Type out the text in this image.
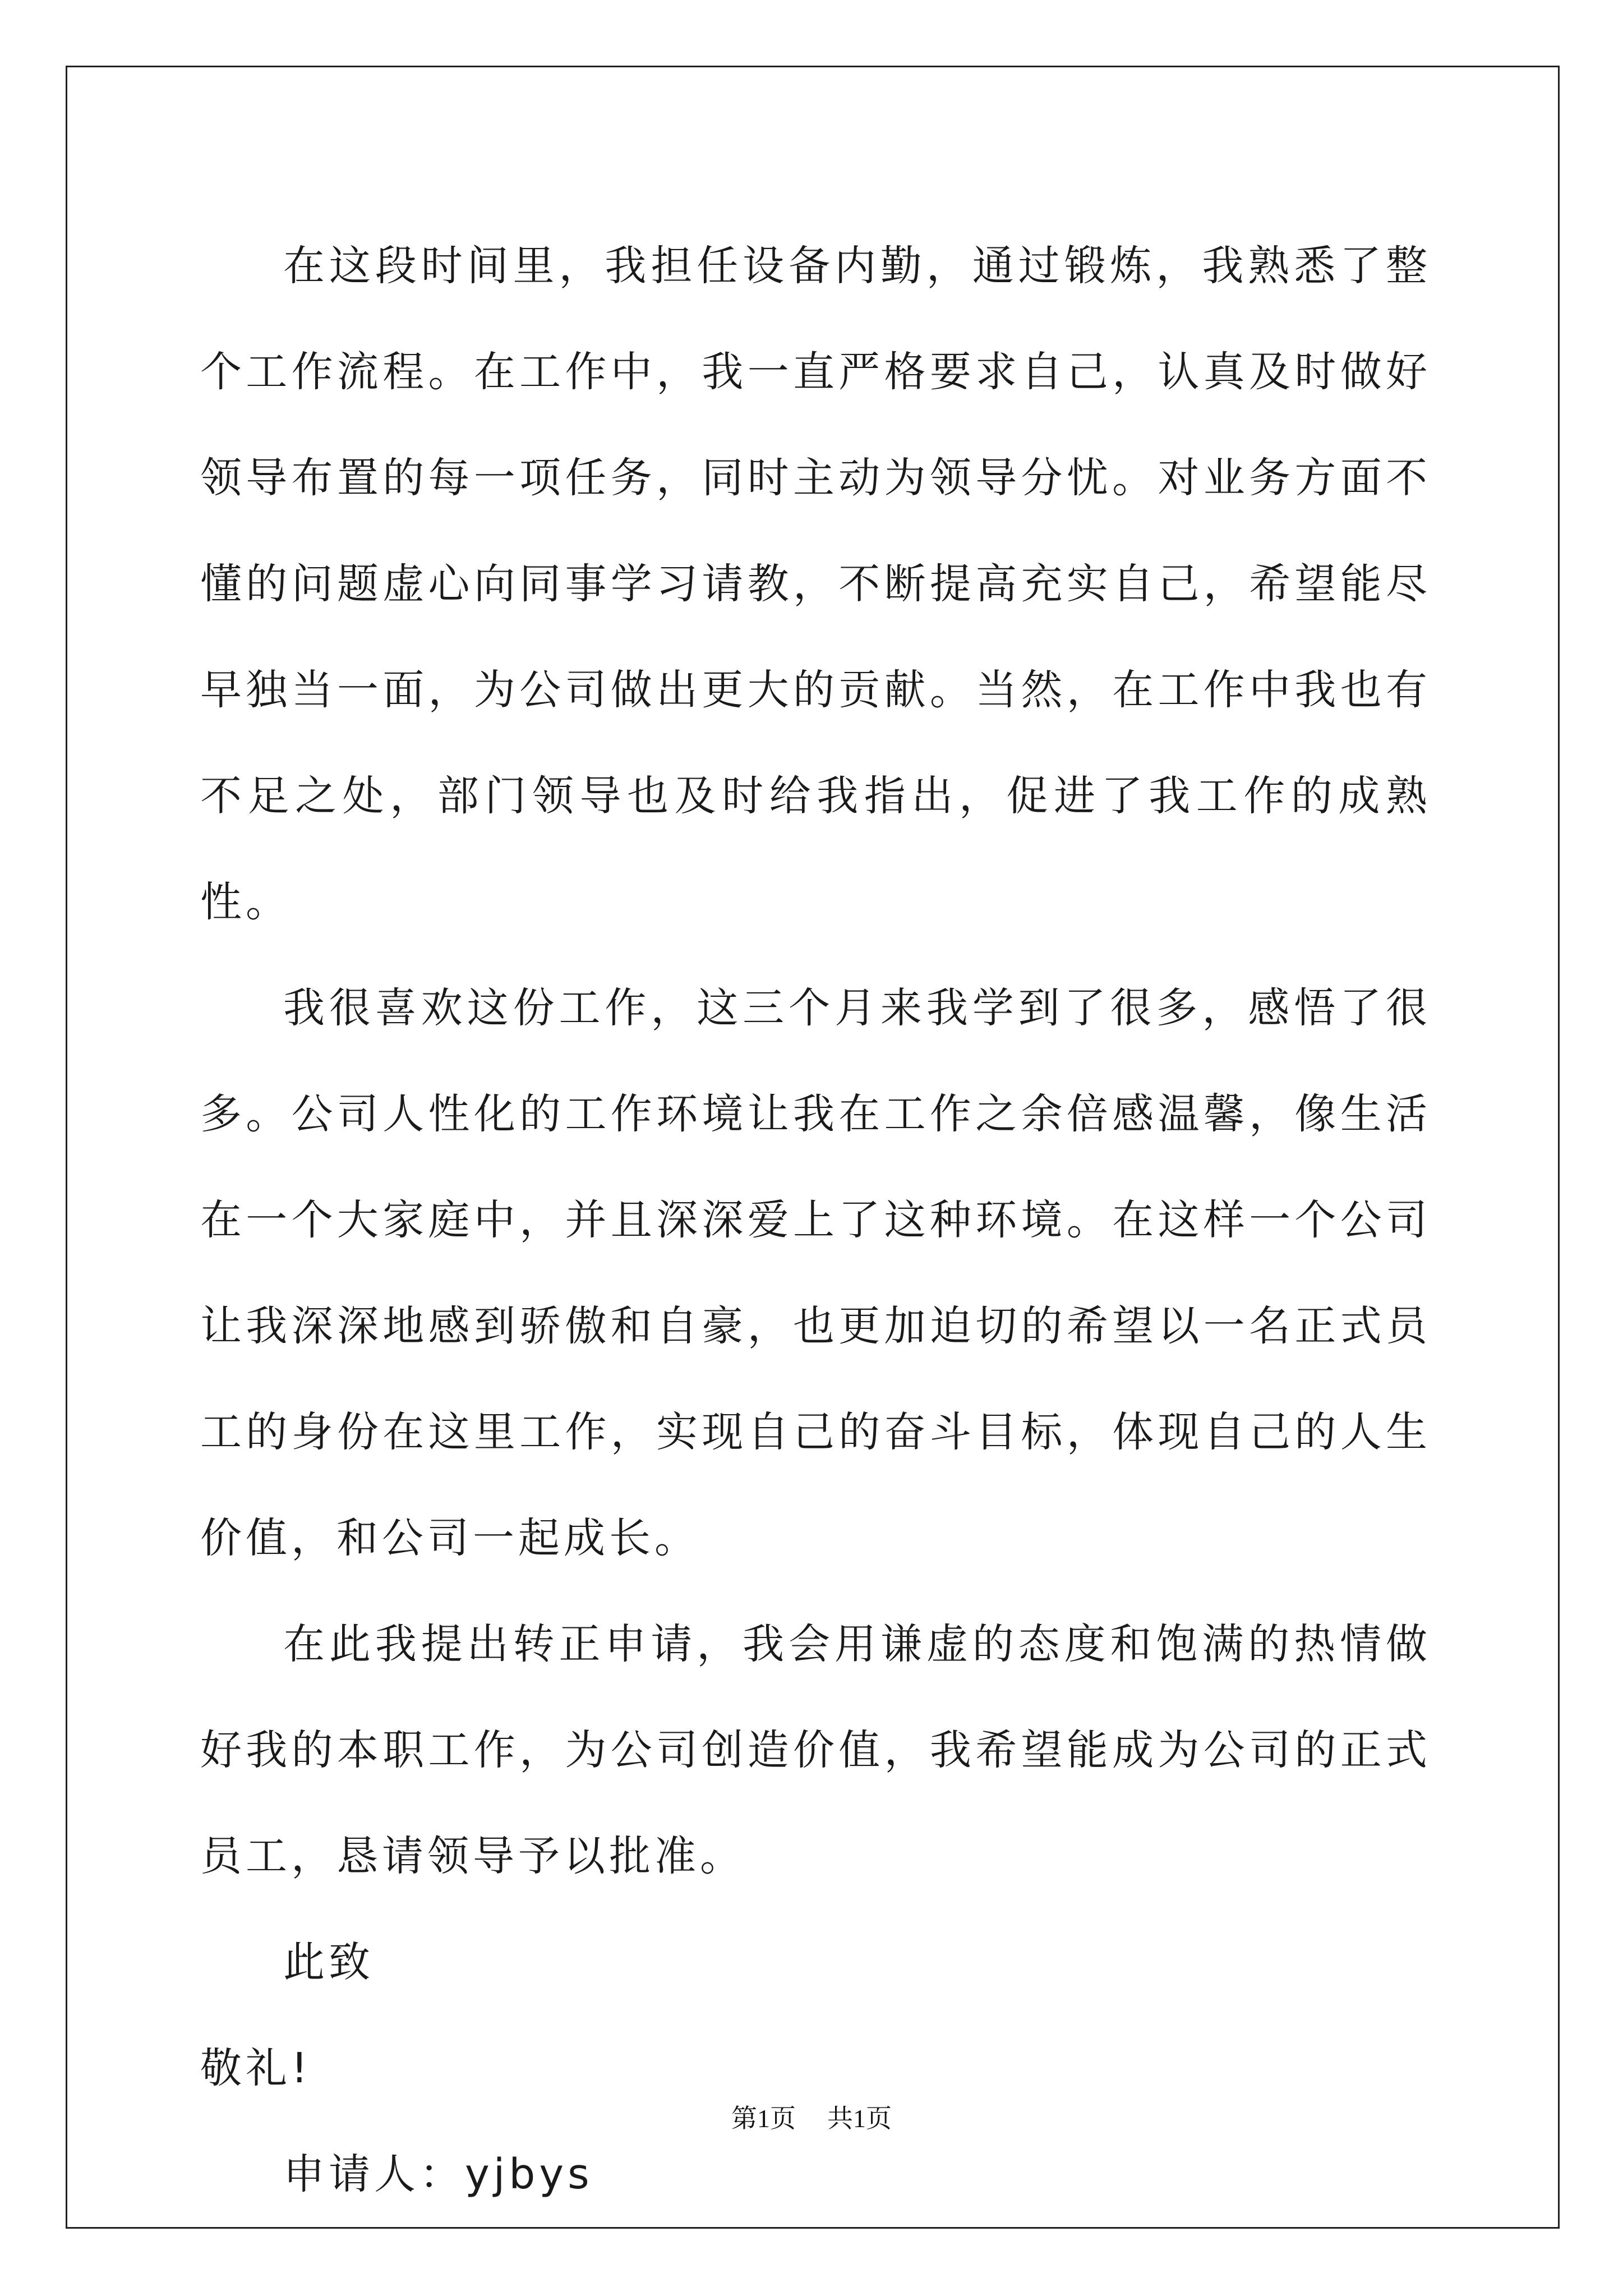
在这段时间里，我担任设备内勤，通过锻炼，我熟悉了整个工作流程。在工作中，我一直严格要求自己，认真及时做好领导布置的每一项任务，同时主动为领导分忧。对业务方面不懂的问题虚心向同事学习请教，不断提高充实自己，希望能尽早独当一面，为公司做出更大的贡献。当然，在工作中我也有不足之处，部门领导也及时给我指出，促进了我工作的成熟性。

我很喜欢这份工作，这三个月来我学到了很多，感悟了很多。公司人性化的工作环境让我在工作之余倍感温馨，像生活在一个大家庭中，并且深深爱上了这种环境。在这样一个公司让我深深地感到骄傲和自豪，也更加迫切的希望以一名正式员工的身份在这里工作，实现自己的奋斗目标，体现自己的人生价值，和公司一起成长。

在此我提出转正申请，我会用谦虚的态度和饱满的热情做好我的本职工作，为公司创造价值，我希望能成为公司的正式员工，恳请领导予以批准。

此致

敬礼!

申请人：yjbys

第1页 共1页
